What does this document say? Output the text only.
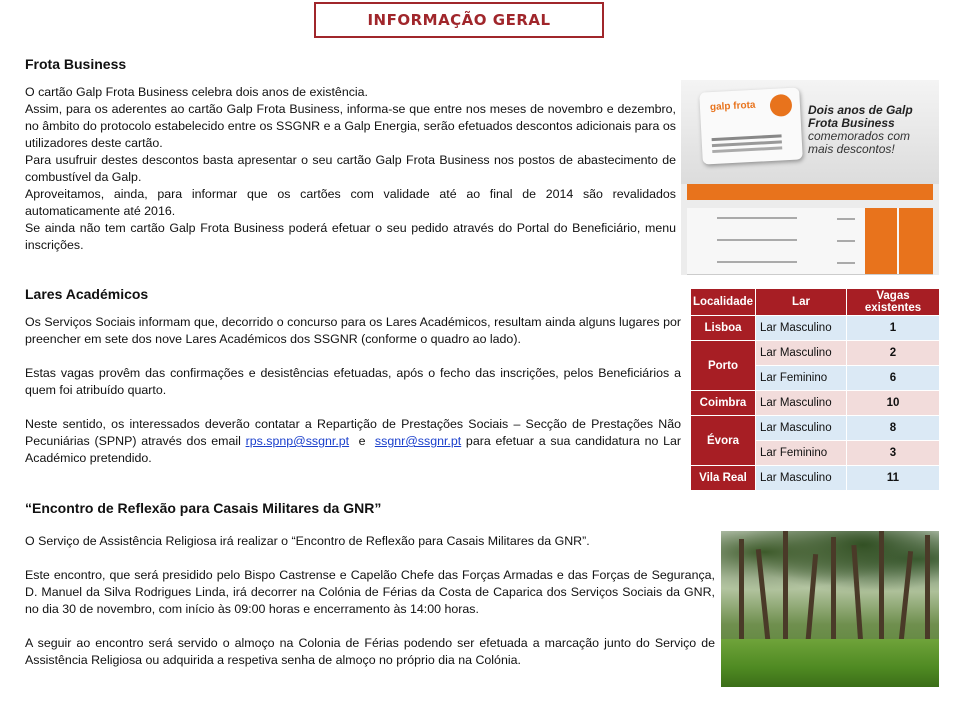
INFORMAÇÃO GERAL
Frota Business

O cartão Galp Frota Business celebra dois anos de existência.

Assim, para os aderentes ao cartão Galp Frota Business, informa-se que entre nos meses de novembro e dezembro, no âmbito do protocolo estabelecido entre os SSGNR e a Galp Energia, serão efetuados descontos adicionais para os utilizadores deste cartão.

Para usufruir destes descontos basta apresentar o seu cartão Galp Frota Business nos postos de abastecimento de combustível da Galp.

Aproveitamos, ainda, para informar que os cartões com validade até ao final de 2014 são revalidados automaticamente até 2016.

Se ainda não tem cartão Galp Frota Business poderá efetuar o seu pedido através do Portal do Beneficiário, menu inscrições.

galp frota	Dois anos de Galp Frota Business
comemorados com mais descontos!
Lares Académicos

Os Serviços Sociais informam que, decorrido o concurso para os Lares Académicos, resultam ainda alguns lugares por preencher em sete dos nove Lares Académicos dos SSGNR (conforme o quadro ao lado).

Estas vagas provêm das confirmações e desistências efetuadas, após o fecho das inscrições, pelos Beneficiários a quem foi atribuído quarto.

Neste sentido, os interessados deverão contatar a Repartição de Prestações Sociais – Secção de Prestações Não Pecuniárias (SPNP) através dos email rps.spnp@ssgnr.pt  e  ssgnr@ssgnr.pt para efetuar a sua candidatura no Lar Académico pretendido.

Localidade	Lar	Vagas existentes
Lisboa	Lar Masculino	1
Porto	Lar Masculino	2
	Lar Feminino	6
Coimbra	Lar Masculino	10
Évora	Lar Masculino	8
	Lar Feminino	3
Vila Real	Lar Masculino	11
“Encontro de Reflexão para Casais Militares da GNR”

O Serviço de Assistência Religiosa irá realizar o “Encontro de Reflexão para Casais Militares da GNR”.

Este encontro, que será presidido pelo Bispo Castrense e Capelão Chefe das Forças Armadas e das Forças de Segurança, D. Manuel da Silva Rodrigues Linda, irá decorrer na Colónia de Férias da Costa de Caparica dos Serviços Sociais da GNR, no dia 30 de novembro, com início às 09:00 horas e encerramento às 14:00 horas.

A seguir ao encontro será servido o almoço na Colonia de Férias podendo ser efetuada a marcação junto do Serviço de Assistência Religiosa ou adquirida a respetiva senha de almoço no próprio dia na Colónia.
